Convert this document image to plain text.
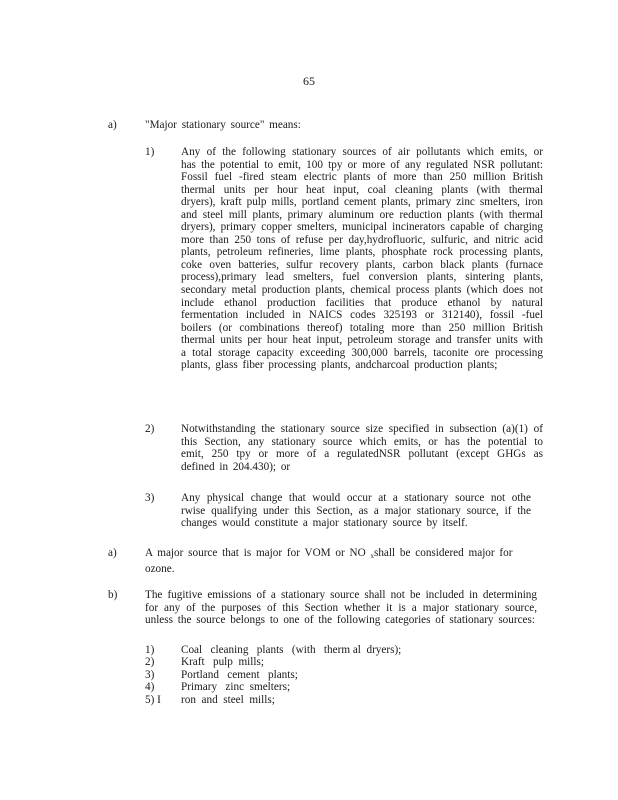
65
a)	"Major stationary source" means:
1) Any of the following stationary sources of air pollutants which emits, or has the potential to emit, 100 tpy or more of any regulated NSR pollutant: Fossil fuel -fired steam electric plants of more than 250 million British thermal units per hour heat input, coal cleaning plants (with thermal dryers), kraft pulp mills, portland cement plants, primary zinc smelters, iron and steel mill plants, primary aluminum ore reduction plants (with thermal dryers), primary copper smelters, municipal incinerators capable of charging more than 250 tons of refuse per day,hydrofluoric, sulfuric, and nitric acid plants, petroleum refineries, lime plants, phosphate rock processing plants, coke oven batteries, sulfur recovery plants, carbon black plants (furnace process),primary lead smelters, fuel conversion plants, sintering plants, secondary metal production plants, chemical process plants (which does not include ethanol production facilities that produce ethanol by natural fermentation included in NAICS codes 325193 or 312140), fossil -fuel boilers (or combinations thereof) totaling more than 250 million British thermal units per hour heat input, petroleum storage and transfer units with a total storage capacity exceeding 300,000 barrels, taconite ore processing plants, glass fiber processing plants, andcharcoal production plants;
2) Notwithstanding the stationary source size specified in subsection (a)(1) of this Section, any stationary source which emits, or has the potential to emit, 250 tpy or more of a regulatedNSR pollutant (except GHGs as defined in 204.430); or
3) Any physical change that would occur at a stationary source not othe rwise qualifying under this Section, as a major stationary source, if the changes would constitute a major stationary source by itself.
a)	A major source that is major for VOM or NO $_x$shall be considered major for ozone.
b) The fugitive emissions of a stationary source shall not be included in determining for any of the purposes of this Section whether it is a major stationary source, unless the source belongs to one of the following categories of stationary sources:
1) Coal   cleaning   plants   (with   therm al  dryers);
2) Kraft   pulp  mills;
3) Portland   cement   plants;
4) Primary   zinc  smelters;
5) I ron  and  steel  mills;
